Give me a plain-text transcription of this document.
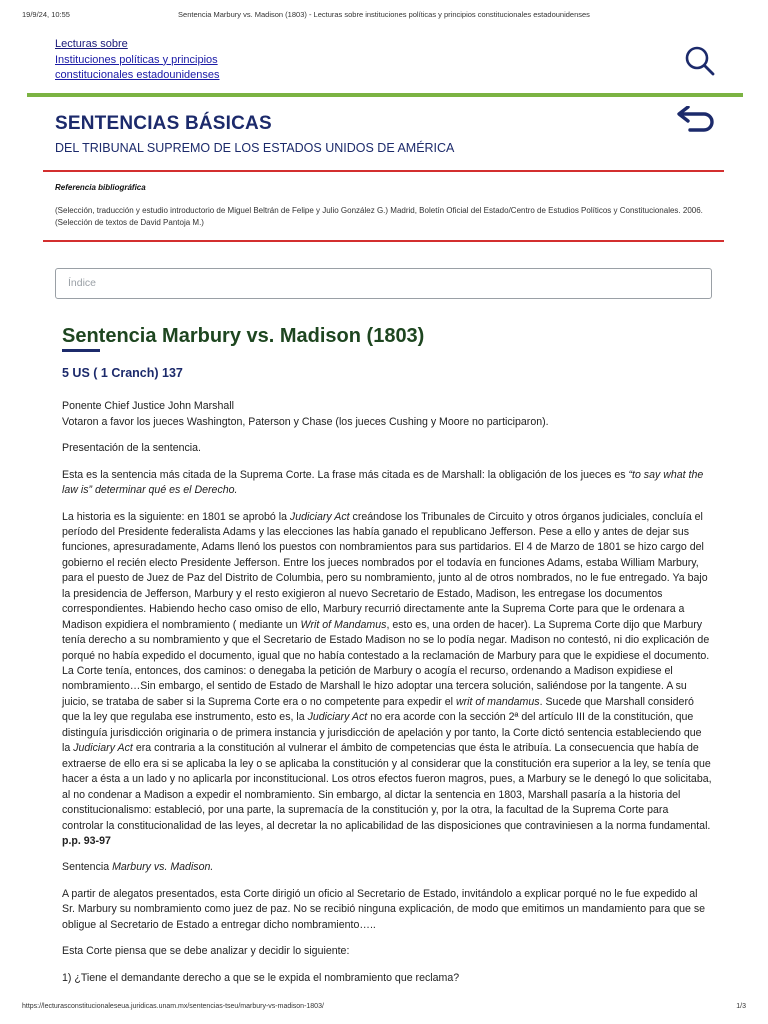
19/9/24, 10:55	Sentencia Marbury vs. Madison (1803) - Lecturas sobre instituciones políticas y principios constitucionales estadounidenses
Lecturas sobre
Instituciones políticas y principios
constitucionales estadounidenses
SENTENCIAS BÁSICAS
DEL TRIBUNAL SUPREMO DE LOS ESTADOS UNIDOS DE AMÉRICA
Referencia bibliográfica
(Selección, traducción y estudio introductorio de Miguel Beltrán de Felipe y Julio González G.) Madrid, Boletín Oficial del Estado/Centro de Estudios Políticos y Constitucionales. 2006. (Selección de textos de David Pantoja M.)
Índice
Sentencia Marbury vs. Madison (1803)
5 US ( 1 Cranch) 137

Ponente Chief Justice John Marshall
Votaron a favor los jueces Washington, Paterson y Chase (los jueces Cushing y Moore no participaron).

Presentación de la sentencia.

Esta es la sentencia más citada de la Suprema Corte. La frase más citada es de Marshall: la obligación de los jueces es “to say what the law is” determinar qué es el Derecho.

La historia es la siguiente: en 1801 se aprobó la Judiciary Act creándose los Tribunales de Circuito y otros órganos judiciales, concluía el período del Presidente federalista Adams y las elecciones las había ganado el republicano Jefferson. Pese a ello y antes de dejar sus funciones, apresuradamente, Adams llenó los puestos con nombramientos para sus partidarios. El 4 de Marzo de 1801 se hizo cargo del gobierno el recién electo Presidente Jefferson. Entre los jueces nombrados por el todavía en funciones Adams, estaba William Marbury, para el puesto de Juez de Paz del Distrito de Columbia, pero su nombramiento, junto al de otros nombrados, no le fue entregado. Ya bajo la presidencia de Jefferson, Marbury y el resto exigieron al nuevo Secretario de Estado, Madison, les entregase los documentos correspondientes. Habiendo hecho caso omiso de ello, Marbury recurrió directamente ante la Suprema Corte para que le ordenara a Madison expidiera el nombramiento ( mediante un Writ of Mandamus, esto es, una orden de hacer). La Suprema Corte dijo que Marbury tenía derecho a su nombramiento y que el Secretario de Estado Madison no se lo podía negar. Madison no contestó, ni dio explicación de porqué no había expedido el documento, igual que no había contestado a la reclamación de Marbury para que le expidiese el documento. La Corte tenía, entonces, dos caminos: o denegaba la petición de Marbury o acogía el recurso, ordenando a Madison expidiese el nombramiento…Sin embargo, el sentido de Estado de Marshall le hizo adoptar una tercera solución, saliéndose por la tangente. A su juicio, se trataba de saber si la Suprema Corte era o no competente para expedir el writ of mandamus. Sucede que Marshall consideró que la ley que regulaba ese instrumento, esto es, la Judiciary Act no era acorde con la sección 2ª del artículo III de la constitución, que distinguía jurisdicción originaria o de primera instancia y jurisdicción de apelación y por tanto, la Corte dictó sentencia estableciendo que la Judiciary Act era contraria a la constitución al vulnerar el ámbito de competencias que ésta le atribuía. La consecuencia que había de extraerse de ello era si se aplicaba la ley o se aplicaba la constitución y al considerar que la constitución era superior a la ley, se tenía que hacer a ésta a un lado y no aplicarla por inconstitucional. Los otros efectos fueron magros, pues, a Marbury se le denegó lo que solicitaba, al no condenar a Madison a expedir el nombramiento. Sin embargo, al dictar la sentencia en 1803, Marshall pasaría a la historia del constitucionalismo: estableció, por una parte, la supremacía de la constitución y, por la otra, la facultad de la Suprema Corte para controlar la constitucionalidad de las leyes, al decretar la no aplicabilidad de las disposiciones que contraviniesen a la norma fundamental. p.p. 93-97

Sentencia Marbury vs. Madison.

A partir de alegatos presentados, esta Corte dirigió un oficio al Secretario de Estado, invitándolo a explicar porqué no le fue expedido al Sr. Marbury su nombramiento como juez de paz. No se recibió ninguna explicación, de modo que emitimos un mandamiento para que se obligue al Secretario de Estado a entregar dicho nombramiento…..

Esta Corte piensa que se debe analizar y decidir lo siguiente:

1) ¿Tiene el demandante derecho a que se le expida el nombramiento que reclama?

https://lecturasconstitucionaleseua.juridicas.unam.mx/sentencias-tseu/marbury-vs-madison-1803/	1/3
